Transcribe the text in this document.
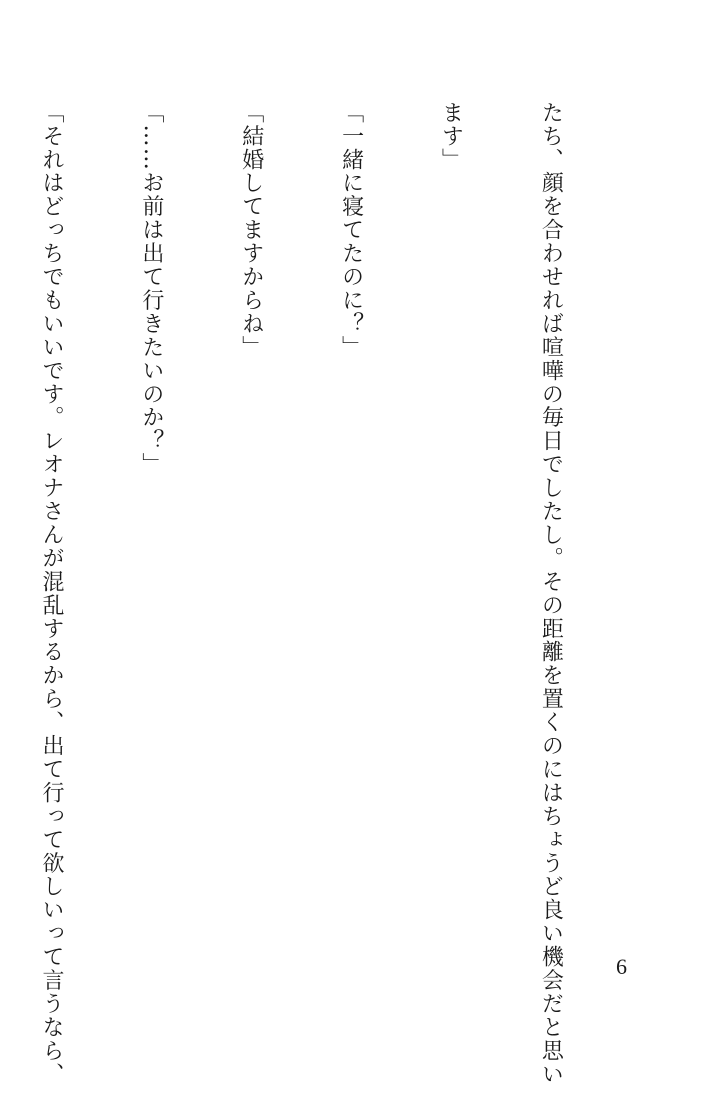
たち、顔を合わせれば喧嘩の毎日でしたし。その距離を置くのにはちょうど良い機会だと思い

ます」

「一緒に寝てたのに？」

「結婚してますからね」

「……お前は出て行きたいのか？」

「それはどっちでもいいです。レオナさんが混乱するから、出て行って欲しいって言うなら、

	6
